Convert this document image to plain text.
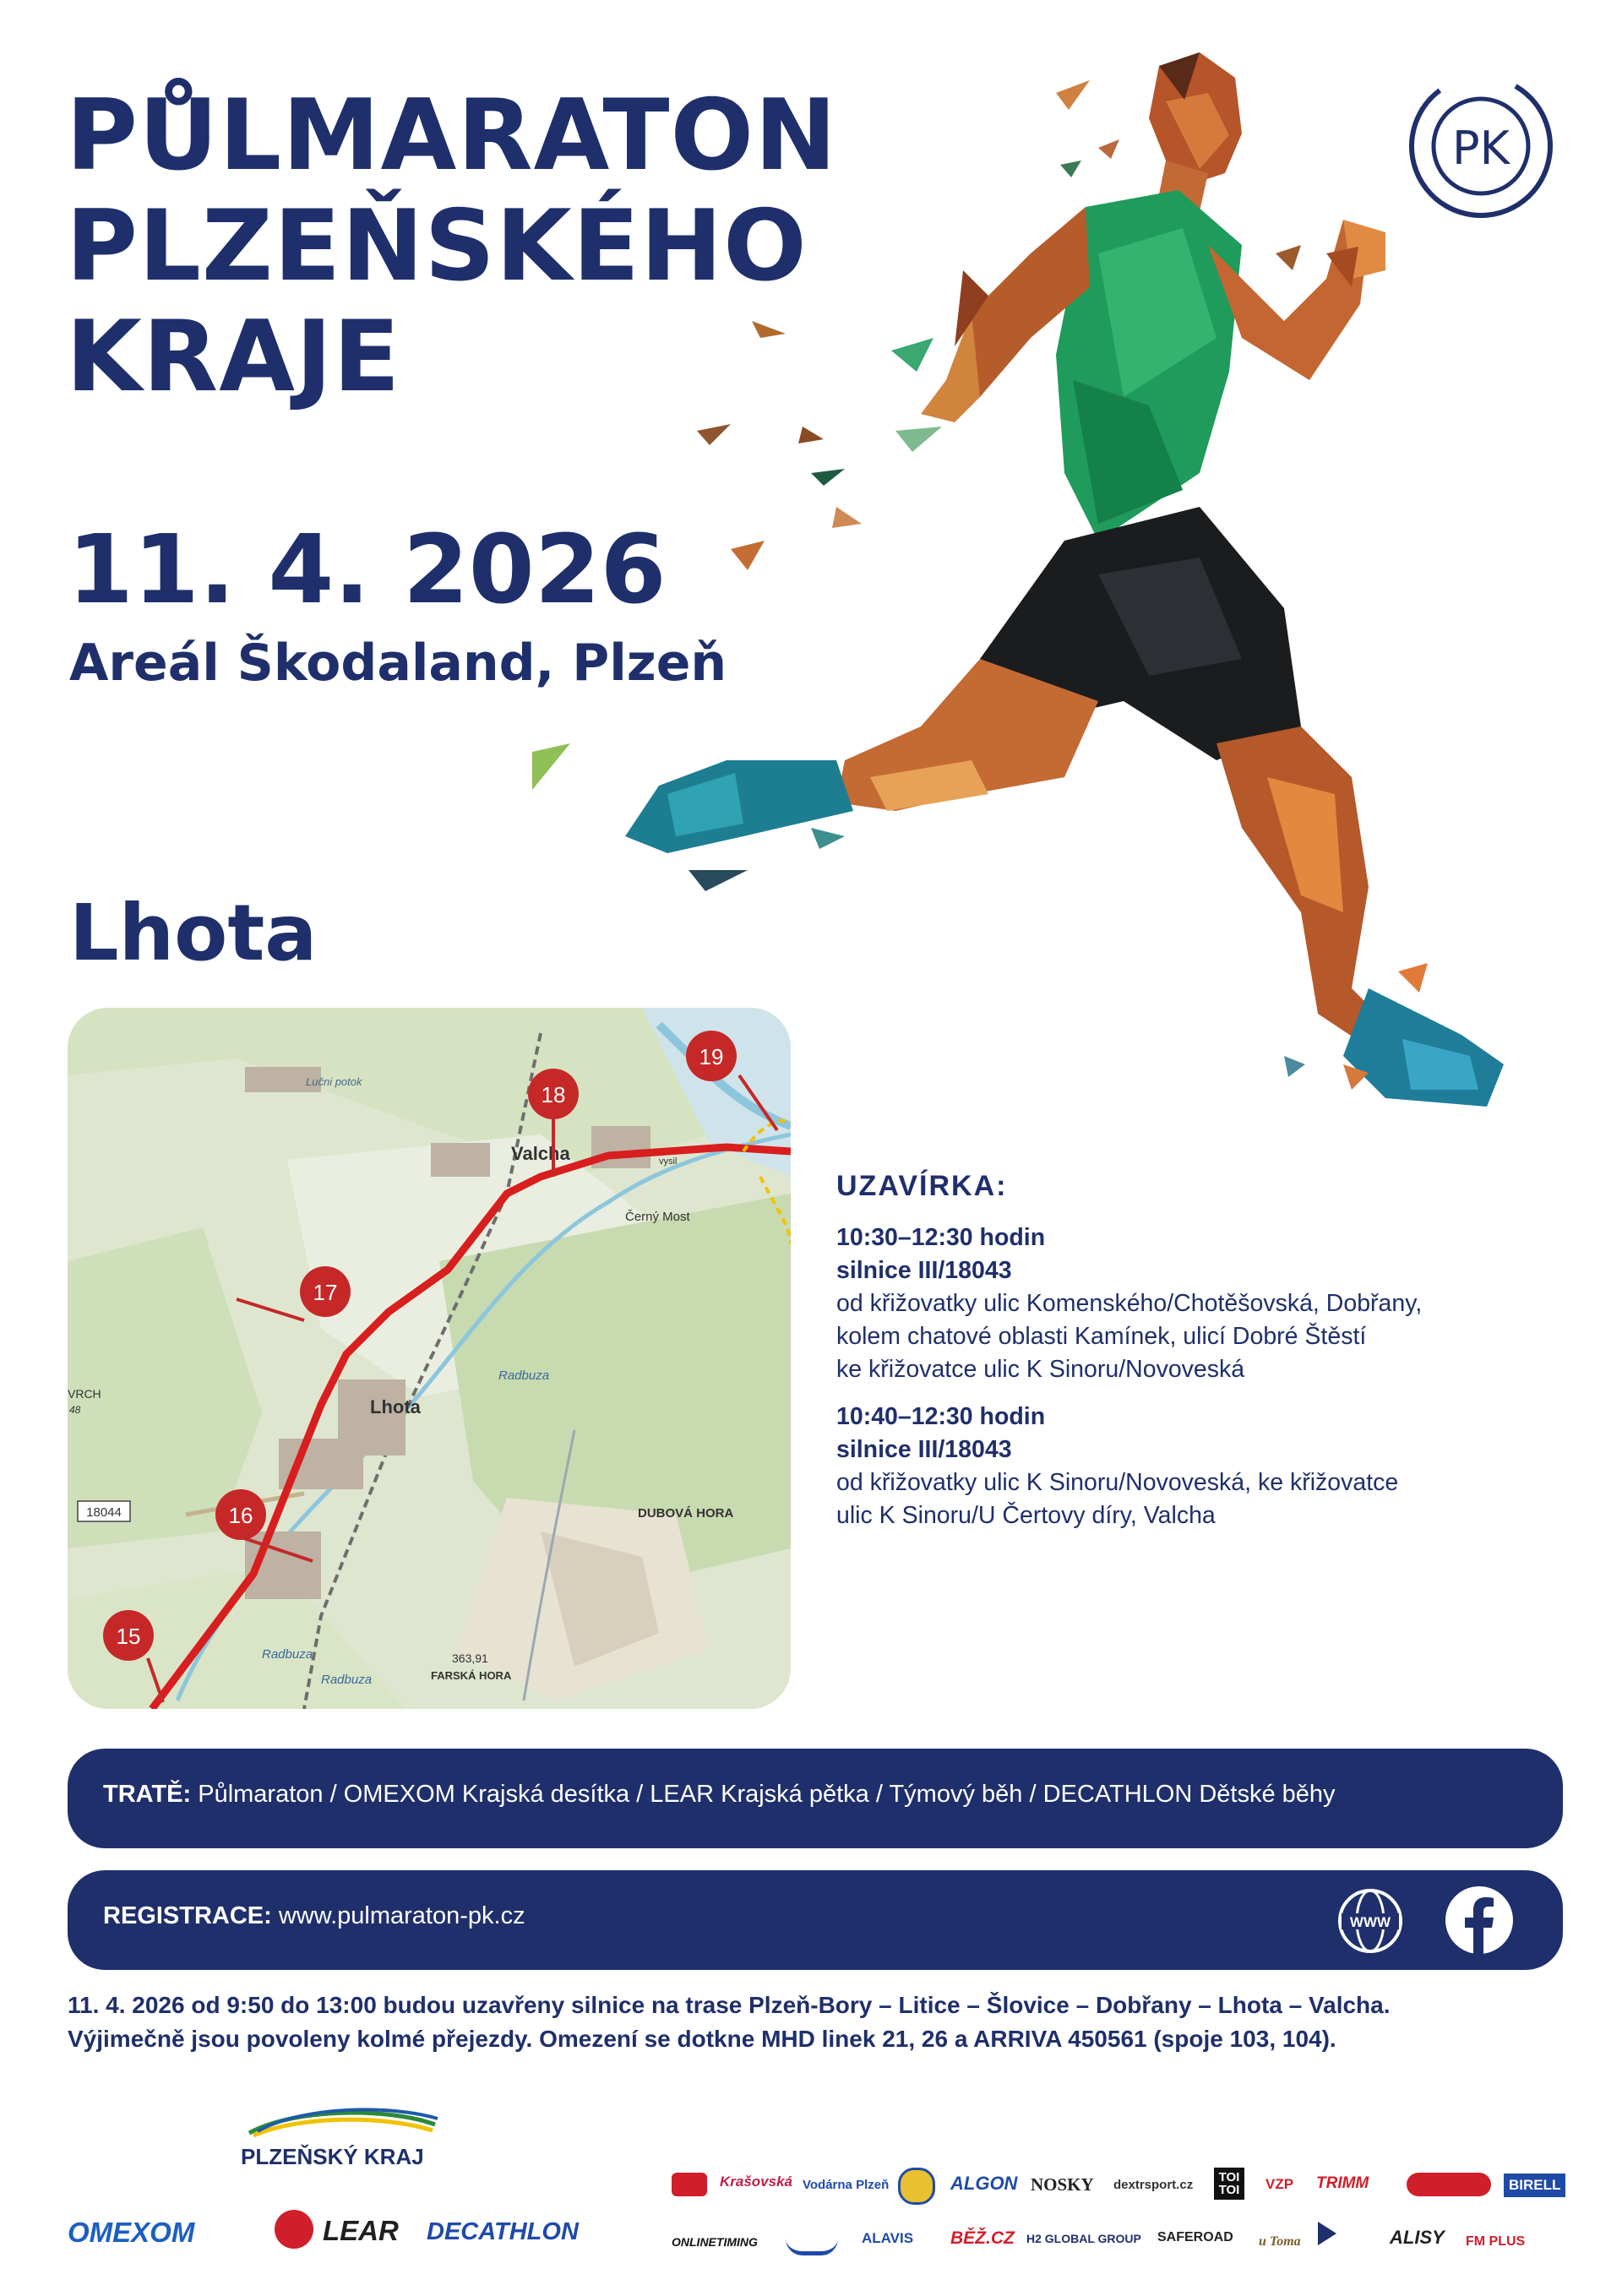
PŮLMARATON
PLZEŇSKÉHO
KRAJE
11. 4. 2026
Areál Škodaland, Plzeň
PK
Lhota
Valcha
Lhota
Lučni potok
Černý Most
Radbuza
Radbuza
Radbuza
DUBOVÁ HORA
FARSKÁ HORA
363,91
VRCH
48
18044
vysil
15
16
17
18
19
UZAVÍRKA:
10:30–12:30 hodin
silnice III/18043
od křižovatky ulic Komenského/Chotěšovská, Dobřany,
kolem chatové oblasti Kamínek, ulicí Dobré Štěstí
ke křižovatce ulic K Sinoru/Novoveská
10:40–12:30 hodin
silnice III/18043
od křižovatky ulic K Sinoru/Novoveská, ke křižovatce
ulic K Sinoru/U Čertovy díry, Valcha
TRATĚ: Půlmaraton / OMEXOM Krajská desítka / LEAR Krajská pětka / Týmový běh / DECATHLON Dětské běhy
REGISTRACE: www.pulmaraton-pk.cz	WWW
11. 4. 2026 od 9:50 do 13:00 budou uzavřeny silnice na trase Plzeň-Bory – Litice – Šlovice – Dobřany – Lhota – Valcha.
Výjimečně jsou povoleny kolmé přejezdy. Omezení se dotkne MHD linek 21, 26 a ARRIVA 450561 (spoje 103, 104).
PLZEŇSKÝ KRAJ
OMEXOM	LEAR DECATHLON
Krašovská Vodárna Plzeň	ALGON NOSKY dextrsport.cz
TOI TOI	VZP TRIMM	BIRELL
ONLINETIMING	ALAVIS BĚŽ.CZ H2 GLOBAL GROUP SAFEROAD u Toma	ALISY FM PLUS
